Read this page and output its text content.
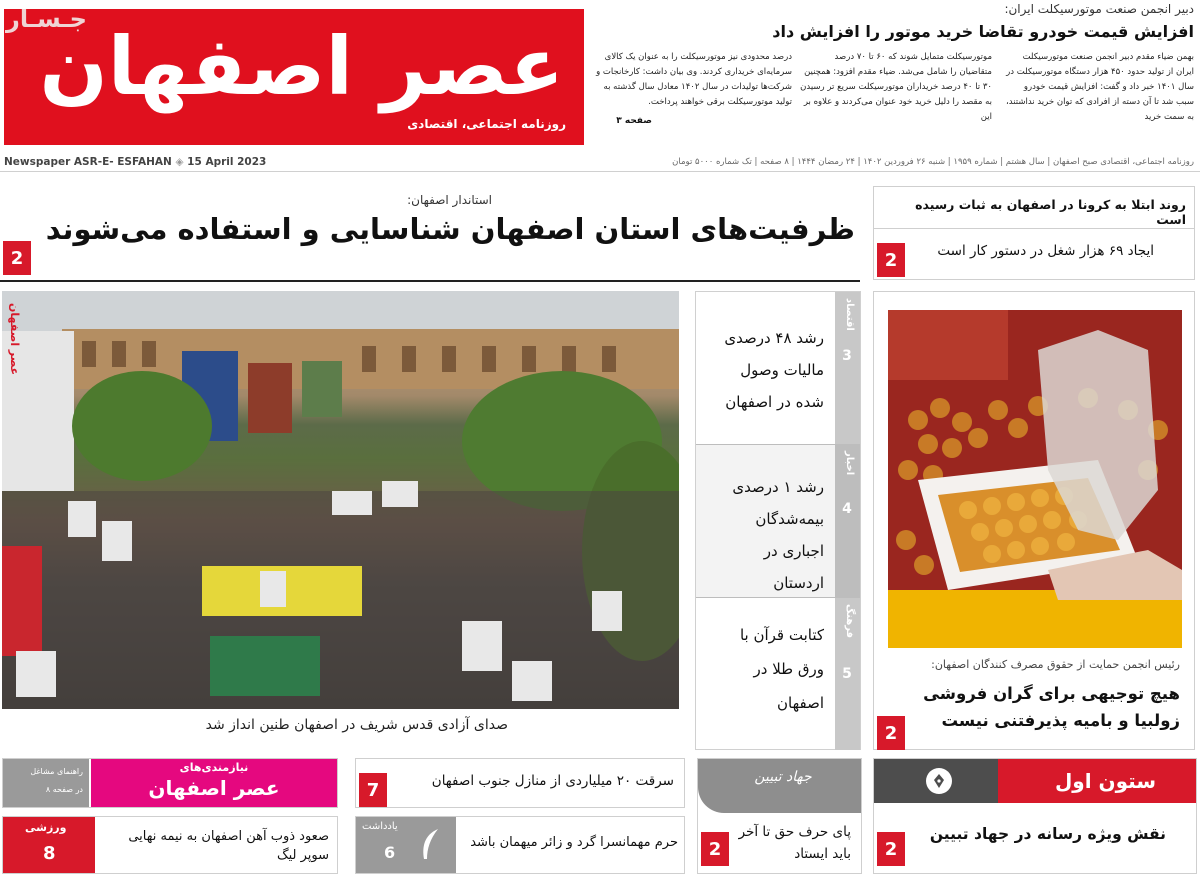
جـسـار
عصر اصفهان
روزنامه اجتماعی، اقتصادی
دبیر انجمن صنعت موتورسیکلت ایران:
افزایش قیمت خودرو تقاضا خرید موتور را افزایش داد
بهمن ضیاء مقدم دبیر انجمن صنعت موتورسیکلت ایران از تولید حدود ۴۵۰ هزار دستگاه موتورسیکلت در سال ۱۴۰۱ خبر داد و گفت: افزایش قیمت خودرو سبب شد تا آن دسته از افرادی که توان خرید نداشتند، به سمت خرید
موتورسیکلت متمایل شوند که ۶۰ تا ۷۰ درصد متقاضیان را شامل می‌شد. ضیاء مقدم افزود: همچنین ۳۰ تا ۴۰ درصد خریداران موتورسیکلت سریع تر رسیدن به مقصد را دلیل خرید خود عنوان می‌کردند و علاوه بر این
درصد محدودی نیز موتورسیکلت را به عنوان یک کالای سرمایه‌ای خریداری کردند. وی بیان داشت: کارخانجات و شرکت‌ها تولیدات در سال ۱۴۰۲ معادل سال گذشته به تولید موتورسیکلت برقی خواهند پرداخت.
صفحه ۳
Newspaper ASR-E- ESFAHAN ◈ 15 April 2023	روزنامه اجتماعی، اقتصادی صبح اصفهان | سال هشتم | شماره ۱۹۵۹ | شنبه ۲۶ فروردین ۱۴۰۲ | ۲۴ رمضان ۱۴۴۴ | ۸ صفحه | تک شماره ۵۰۰۰ تومان
استاندار اصفهان:
ظرفیت‌های استان اصفهان شناسایی و استفاده می‌شوند
2
عصر اصفهان
صدای آزادی قدس شریف در اصفهان طنین انداز شد
اقتصاد
3
رشد ۴۸ درصدی مالیات وصول شده در اصفهان
اخبار
4
رشد ۱ درصدی بیمه‌شدگان اجباری در اردستان
فرهنگ
5
کتابت قرآن با ورق طلا در اصفهان
روند ابتلا به کرونا در اصفهان به ثبات رسیده است
ایجاد ۶۹ هزار شغل در دستور کار است
2
رئیس انجمن حمایت از حقوق مصرف کنندگان اصفهان:
هیچ توجیهی برای گران فروشی زولبیا و بامیه پذیرفتنی نیست
2
ستون اول
نقش ویژه رسانه در جهاد تبیین
2
جهاد تبیین
پای حرف حق تا آخر باید ایستاد
2
سرقت ۲۰ میلیاردی از منازل جنوب اصفهان
7
یادداشت
6
حرم مهمانسرا گرد و زائر میهمان باشد
راهنمای مشاغل
در صفحه ۸
نیازمندی‌های
عصر اصفهان
ورزشی
8
صعود ذوب آهن اصفهان به نیمه نهایی سوپر لیگ
